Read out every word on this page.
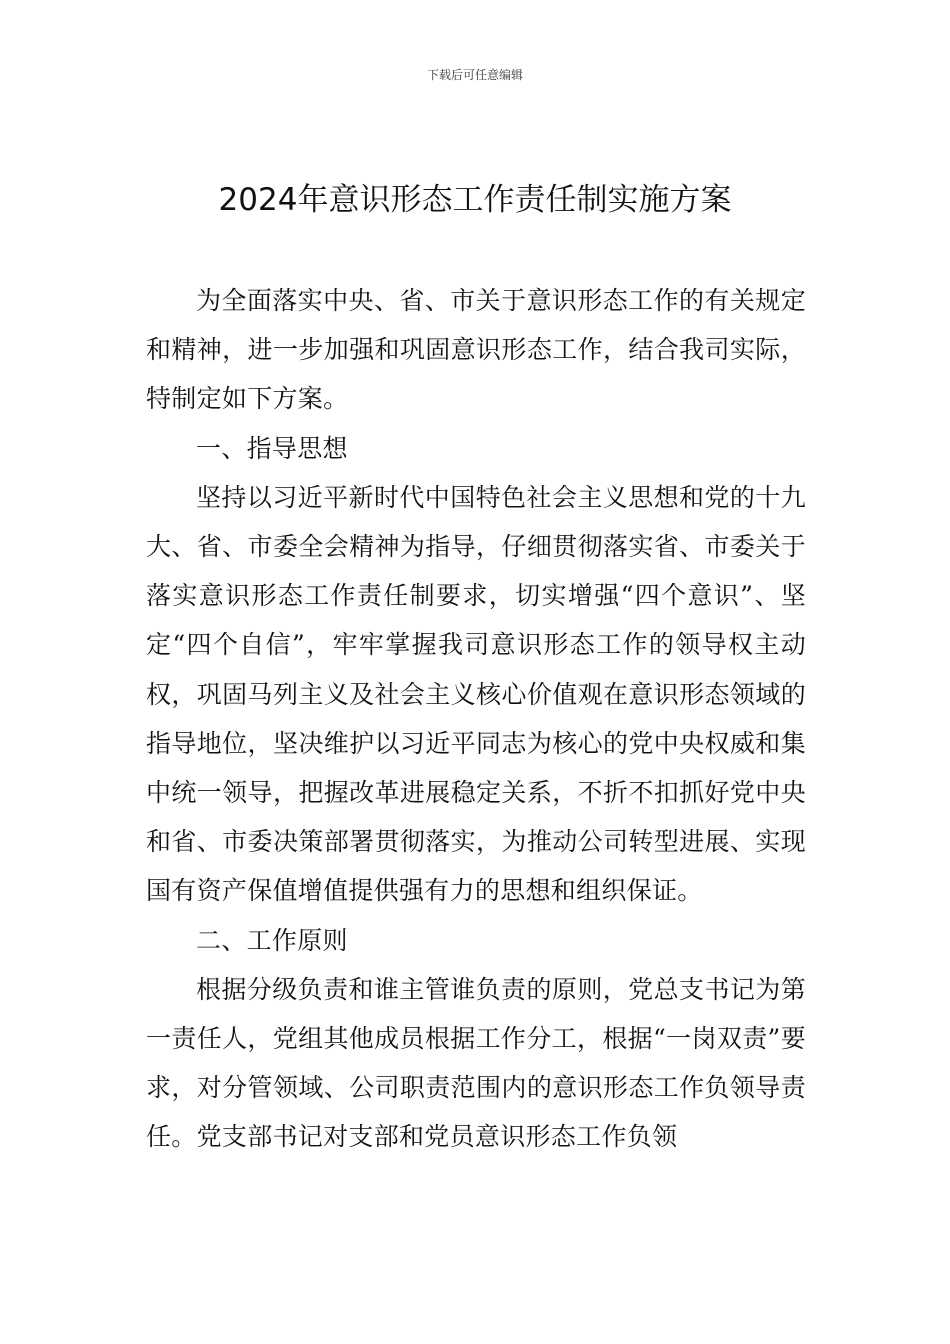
下载后可任意编辑
2024年意识形态工作责任制实施方案

为全面落实中央、省、市关于意识形态工作的有关规定和精神，进一步加强和巩固意识形态工作，结合我司实际，特制定如下方案。

一、指导思想

坚持以习近平新时代中国特色社会主义思想和党的十九大、省、市委全会精神为指导，仔细贯彻落实省、市委关于落实意识形态工作责任制要求，切实增强“四个意识”、坚定“四个自信”，牢牢掌握我司意识形态工作的领导权主动权，巩固马列主义及社会主义核心价值观在意识形态领域的指导地位，坚决维护以习近平同志为核心的党中央权威和集中统一领导，把握改革进展稳定关系，不折不扣抓好党中央和省、市委决策部署贯彻落实，为推动公司转型进展、实现国有资产保值增值提供强有力的思想和组织保证。

二、工作原则

根据分级负责和谁主管谁负责的原则，党总支书记为第一责任人，党组其他成员根据工作分工，根据“一岗双责”要求，对分管领域、公司职责范围内的意识形态工作负领导责任。党支部书记对支部和党员意识形态工作负领
